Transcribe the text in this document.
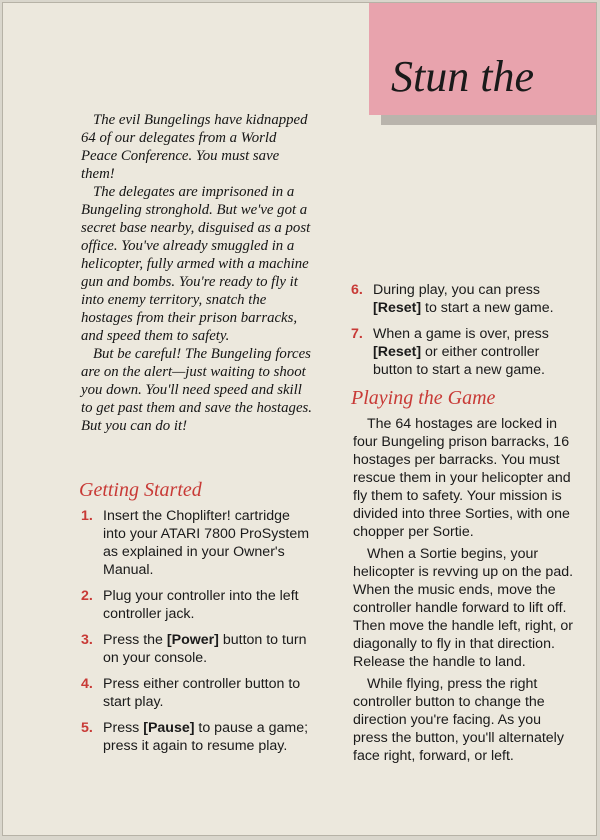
Stun the

The evil Bungelings have kidnapped 64 of our delegates from a World Peace Conference. You must save them!

The delegates are imprisoned in a Bungeling stronghold. But we've got a secret base nearby, disguised as a post office. You've already smuggled in a helicopter, fully armed with a machine gun and bombs. You're ready to fly it into enemy territory, snatch the hostages from their prison barracks, and speed them to safety.

But be careful! The Bungeling forces are on the alert—just waiting to shoot you down. You'll need speed and skill to get past them and save the hostages. But you can do it!

Getting Started
1. Insert the Choplifter! cartridge into your ATARI 7800 ProSystem as explained in your Owner's Manual.
2. Plug your controller into the left controller jack.
3. Press the [Power] button to turn on your console.
4. Press either controller button to start play.
5. Press [Pause] to pause a game; press it again to resume play.
6. During play, you can press [Reset] to start a new game.
7. When a game is over, press [Reset] or either controller button to start a new game.
Playing the Game

The 64 hostages are locked in four Bungeling prison barracks, 16 hostages per barracks. You must rescue them in your helicopter and fly them to safety. Your mission is divided into three Sorties, with one chopper per Sortie.

When a Sortie begins, your helicopter is revving up on the pad. When the music ends, move the controller handle forward to lift off. Then move the handle left, right, or diagonally to fly in that direction. Release the handle to land.

While flying, press the right controller button to change the direction you're facing. As you press the button, you'll alternately face right, forward, or left.
